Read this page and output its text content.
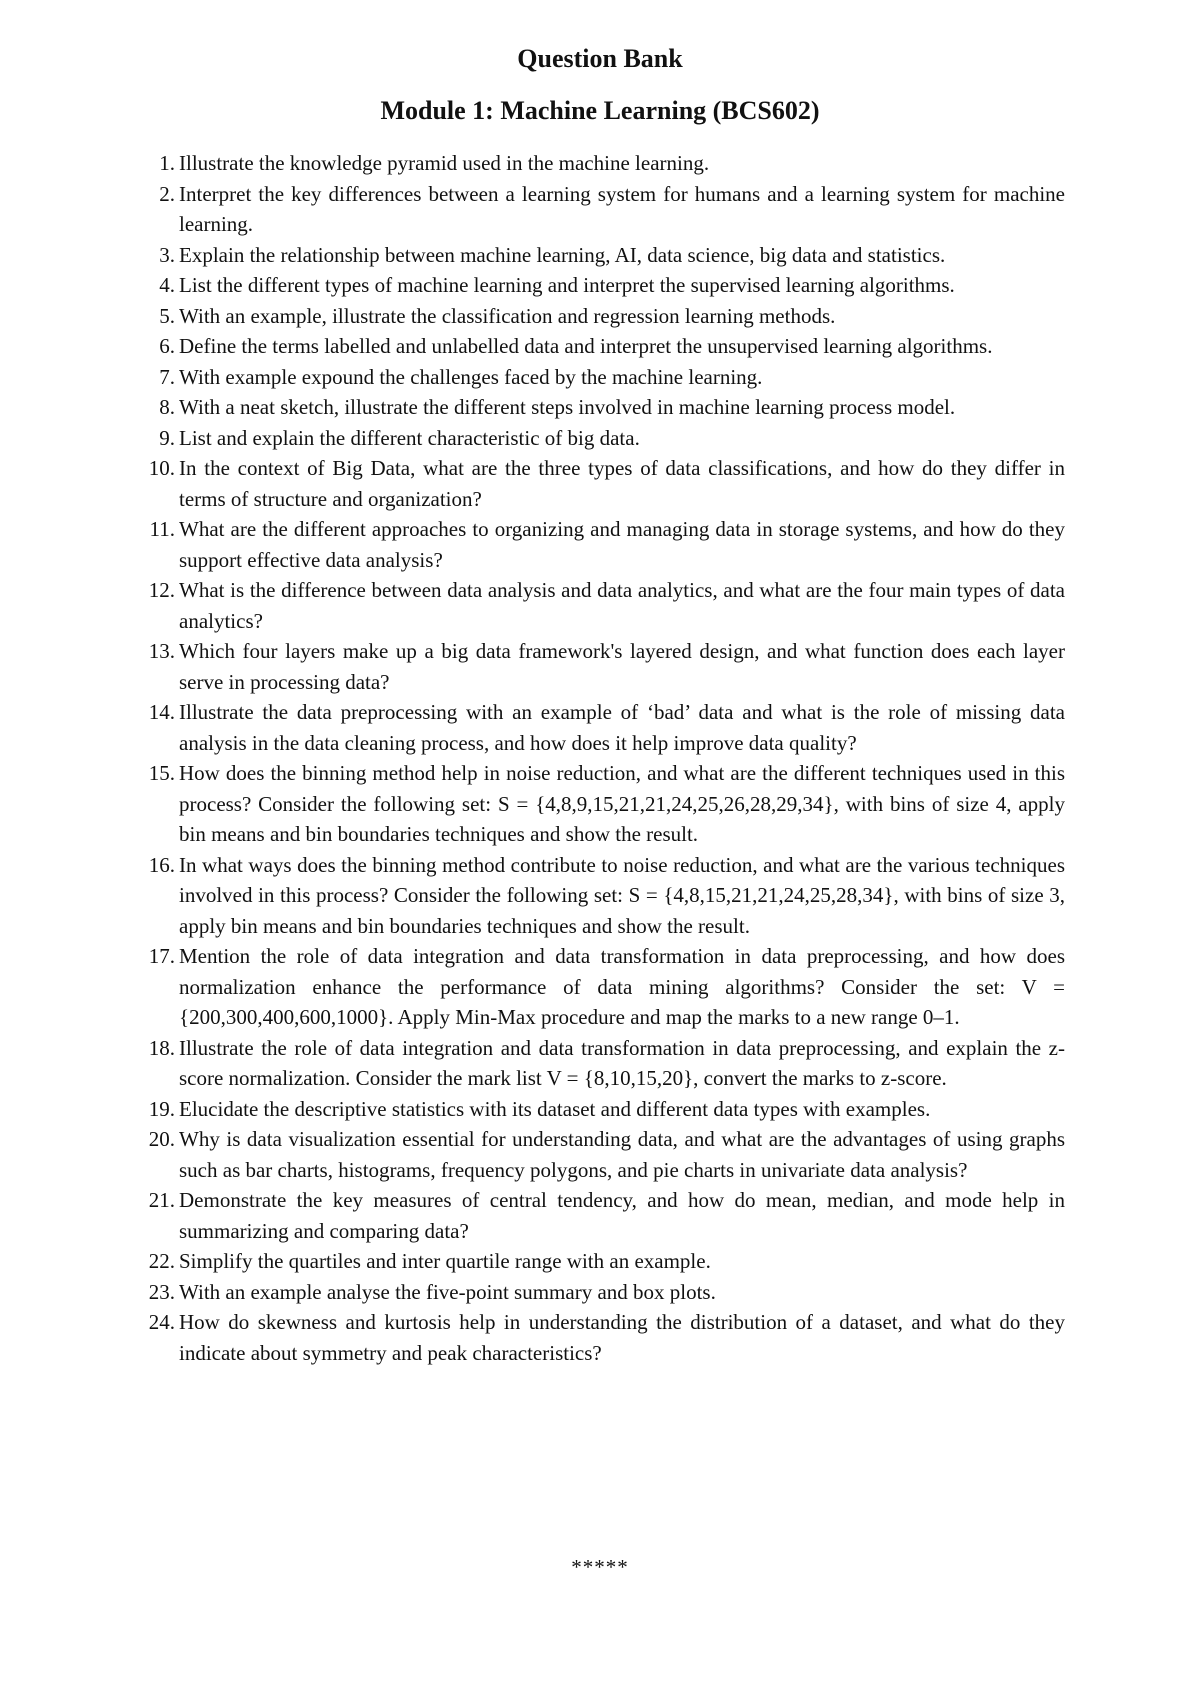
Question Bank
Module 1: Machine Learning (BCS602)
1. Illustrate the knowledge pyramid used in the machine learning.
2. Interpret the key differences between a learning system for humans and a learning system for machine learning.
3. Explain the relationship between machine learning, AI, data science, big data and statistics.
4. List the different types of machine learning and interpret the supervised learning algorithms.
5. With an example, illustrate the classification and regression learning methods.
6. Define the terms labelled and unlabelled data and interpret the unsupervised learning algorithms.
7. With example expound the challenges faced by the machine learning.
8. With a neat sketch, illustrate the different steps involved in machine learning process model.
9. List and explain the different characteristic of big data.
10. In the context of Big Data, what are the three types of data classifications, and how do they differ in terms of structure and organization?
11. What are the different approaches to organizing and managing data in storage systems, and how do they support effective data analysis?
12. What is the difference between data analysis and data analytics, and what are the four main types of data analytics?
13. Which four layers make up a big data framework's layered design, and what function does each layer serve in processing data?
14. Illustrate the data preprocessing with an example of ‘bad’ data and what is the role of missing data analysis in the data cleaning process, and how does it help improve data quality?
15. How does the binning method help in noise reduction, and what are the different techniques used in this process? Consider the following set: S = {4,8,9,15,21,21,24,25,26,28,29,34}, with bins of size 4, apply bin means and bin boundaries techniques and show the result.
16. In what ways does the binning method contribute to noise reduction, and what are the various techniques involved in this process? Consider the following set: S = {4,8,15,21,21,24,25,28,34}, with bins of size 3, apply bin means and bin boundaries techniques and show the result.
17. Mention the role of data integration and data transformation in data preprocessing, and how does normalization enhance the performance of data mining algorithms? Consider the set: V = {200,300,400,600,1000}. Apply Min-Max procedure and map the marks to a new range 0–1.
18. Illustrate the role of data integration and data transformation in data preprocessing, and explain the z-score normalization. Consider the mark list V = {8,10,15,20}, convert the marks to z-score.
19. Elucidate the descriptive statistics with its dataset and different data types with examples.
20. Why is data visualization essential for understanding data, and what are the advantages of using graphs such as bar charts, histograms, frequency polygons, and pie charts in univariate data analysis?
21. Demonstrate the key measures of central tendency, and how do mean, median, and mode help in summarizing and comparing data?
22. Simplify the quartiles and inter quartile range with an example.
23. With an example analyse the five-point summary and box plots.
24. How do skewness and kurtosis help in understanding the distribution of a dataset, and what do they indicate about symmetry and peak characteristics?

*****
